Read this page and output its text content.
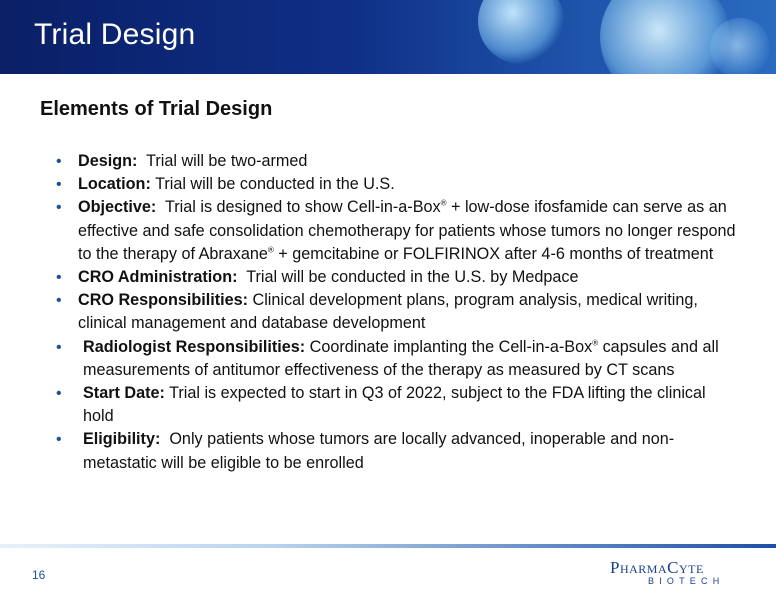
Trial Design
Elements of Trial Design
• Design: Trial will be two-armed
• Location: Trial will be conducted in the U.S.
• Objective: Trial is designed to show Cell-in-a-Box® + low-dose ifosfamide can serve as an effective and safe consolidation chemotherapy for patients whose tumors no longer respond to the therapy of Abraxane® + gemcitabine or FOLFIRINOX after 4-6 months of treatment
• CRO Administration: Trial will be conducted in the U.S. by Medpace
• CRO Responsibilities: Clinical development plans, program analysis, medical writing, clinical management and database development
• Radiologist Responsibilities: Coordinate implanting the Cell-in-a-Box® capsules and all measurements of antitumor effectiveness of the therapy as measured by CT scans
• Start Date: Trial is expected to start in Q3 of 2022, subject to the FDA lifting the clinical hold
• Eligibility: Only patients whose tumors are locally advanced, inoperable and non-metastatic will be eligible to be enrolled
16	PharmaCyte
BIOTECH
